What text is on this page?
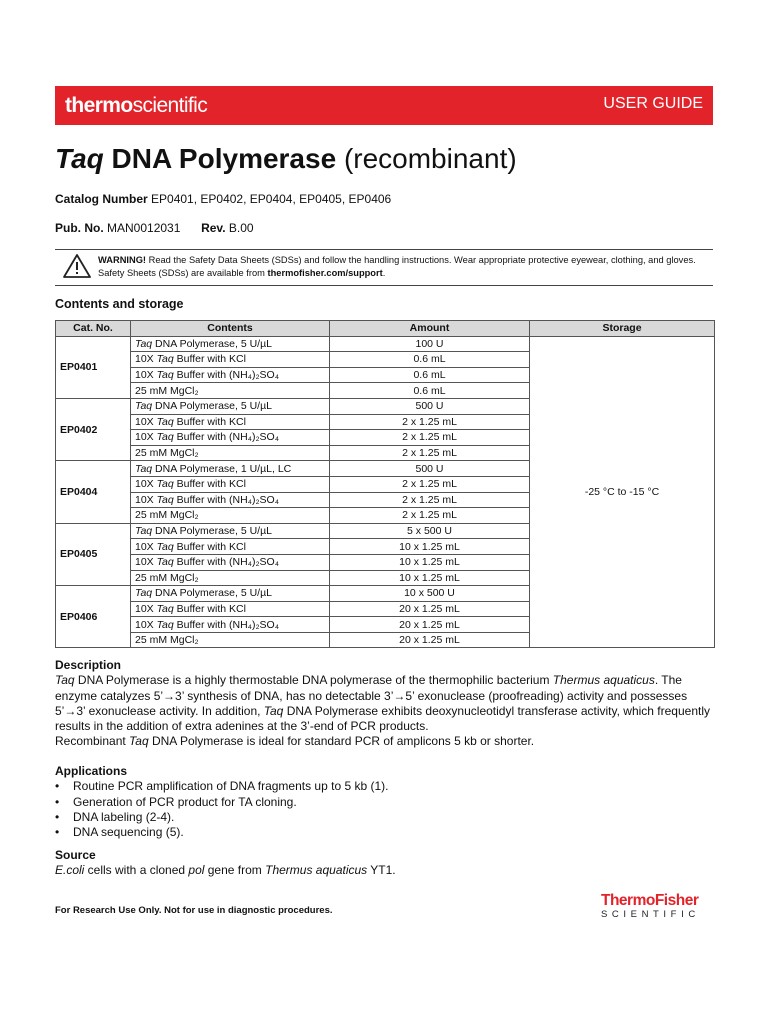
thermoscientific	USER GUIDE
Taq DNA Polymerase (recombinant)
Catalog Number EP0401, EP0402, EP0404, EP0405, EP0406
Pub. No. MAN0012031 Rev. B.00
WARNING! Read the Safety Data Sheets (SDSs) and follow the handling instructions. Wear appropriate protective eyewear, clothing, and gloves. Safety Sheets (SDSs) are available from thermofisher.com/support.
Contents and storage
Cat. No.	Contents	Amount	Storage
EP0401	Taq DNA Polymerase, 5 U/µL	100 U	-25 °C to -15 °C
	10X Taq Buffer with KCl	0.6 mL	
	10X Taq Buffer with (NH₄)₂SO₄	0.6 mL	
	25 mM MgCl₂	0.6 mL	
EP0402	Taq DNA Polymerase, 5 U/µL	500 U	
	10X Taq Buffer with KCl	2 x 1.25 mL	
	10X Taq Buffer with (NH₄)₂SO₄	2 x 1.25 mL	
	25 mM MgCl₂	2 x 1.25 mL	
EP0404	Taq DNA Polymerase, 1 U/µL, LC	500 U	
	10X Taq Buffer with KCl	2 x 1.25 mL	
	10X Taq Buffer with (NH₄)₂SO₄	2 x 1.25 mL	
	25 mM MgCl₂	2 x 1.25 mL	
EP0405	Taq DNA Polymerase, 5 U/µL	5 x 500 U	
	10X Taq Buffer with KCl	10 x 1.25 mL	
	10X Taq Buffer with (NH₄)₂SO₄	10 x 1.25 mL	
	25 mM MgCl₂	10 x 1.25 mL	
EP0406	Taq DNA Polymerase, 5 U/µL	10 x 500 U	
	10X Taq Buffer with KCl	20 x 1.25 mL	
	10X Taq Buffer with (NH₄)₂SO₄	20 x 1.25 mL	
	25 mM MgCl₂	20 x 1.25 mL	

Description

Taq DNA Polymerase is a highly thermostable DNA polymerase of the thermophilic bacterium Thermus aquaticus. The enzyme catalyzes 5’→3’ synthesis of DNA, has no detectable 3’→5’ exonuclease (proofreading) activity and possesses 5’→3’ exonuclease activity. In addition, Taq DNA Polymerase exhibits deoxynucleotidyl transferase activity, which frequently results in the addition of extra adenines at the 3’-end of PCR products.

Recombinant Taq DNA Polymerase is ideal for standard PCR of amplicons 5 kb or shorter.

Applications

• Routine PCR amplification of DNA fragments up to 5 kb (1).
• Generation of PCR product for TA cloning.
• DNA labeling (2-4).
• DNA sequencing (5).

Source

E.coli cells with a cloned pol gene from Thermus aquaticus YT1.

For Research Use Only. Not for use in diagnostic procedures.
ThermoFisher
SCIENTIFIC
